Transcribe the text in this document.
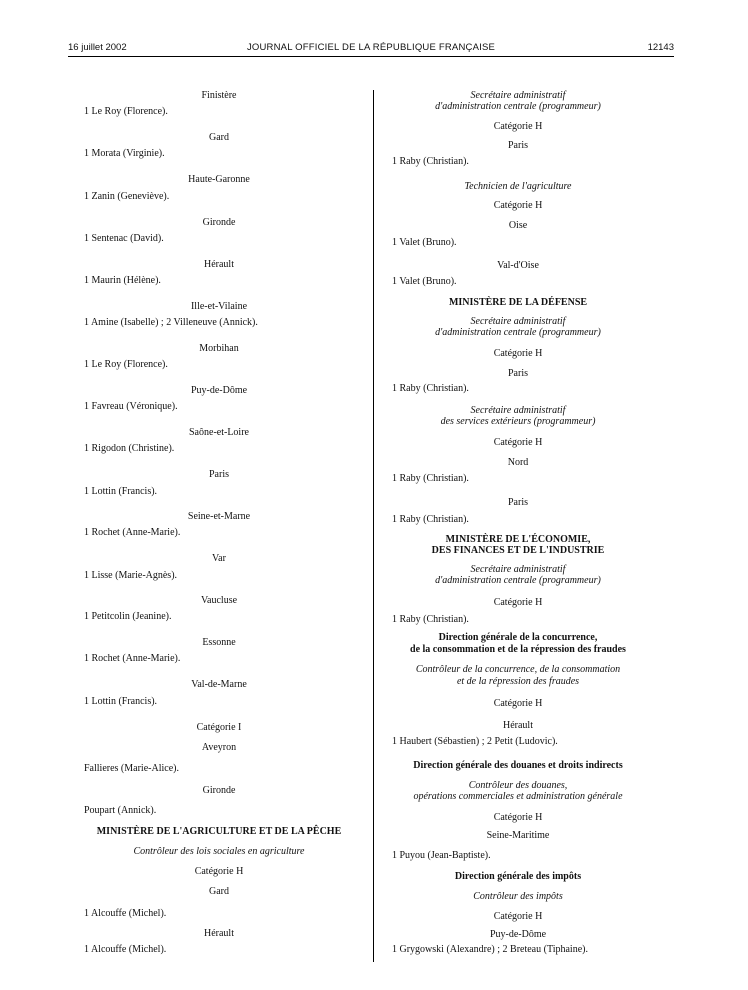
16 juillet 2002	JOURNAL OFFICIEL DE LA RÉPUBLIQUE FRANÇAISE	12143
Finistère
1 Le Roy (Florence).
Gard
1 Morata (Virginie).
Haute-Garonne
1 Zanin (Geneviève).
Gironde
1 Sentenac (David).
Hérault
1 Maurin (Hélène).
Ille-et-Vilaine
1 Amine (Isabelle) ; 2 Villeneuve (Annick).
Morbihan
1 Le Roy (Florence).
Puy-de-Dôme
1 Favreau (Véronique).
Saône-et-Loire
1 Rigodon (Christine).
Paris
1 Lottin (Francis).
Seine-et-Marne
1 Rochet (Anne-Marie).
Var
1 Lisse (Marie-Agnès).
Vaucluse
1 Petitcolin (Jeanine).
Essonne
1 Rochet (Anne-Marie).
Val-de-Marne
1 Lottin (Francis).
Catégorie I
Aveyron
Fallieres (Marie-Alice).
Gironde
Poupart (Annick).
MINISTÈRE DE L'AGRICULTURE ET DE LA PÊCHE
Contrôleur des lois sociales en agriculture
Catégorie H
Gard
1 Alcouffe (Michel).
Hérault
1 Alcouffe (Michel).
Secrétaire administratif
d'administration centrale (programmeur)
Catégorie H
Paris
1 Raby (Christian).
Technicien de l'agriculture
Catégorie H
Oise
1 Valet (Bruno).
Val-d'Oise
1 Valet (Bruno).
MINISTÈRE DE LA DÉFENSE
Secrétaire administratif
d'administration centrale (programmeur)
Catégorie H
Paris
1 Raby (Christian).
Secrétaire administratif
des services extérieurs (programmeur)
Catégorie H
Nord
1 Raby (Christian).
Paris
1 Raby (Christian).
MINISTÈRE DE L'ÉCONOMIE,
DES FINANCES ET DE L'INDUSTRIE
Secrétaire administratif
d'administration centrale (programmeur)
Catégorie H
1 Raby (Christian).
Direction générale de la concurrence,
de la consommation et de la répression des fraudes
Contrôleur de la concurrence, de la consommation
et de la répression des fraudes
Catégorie H
Hérault
1 Haubert (Sébastien) ; 2 Petit (Ludovic).
Direction générale des douanes et droits indirects
Contrôleur des douanes,
opérations commerciales et administration générale
Catégorie H
Seine-Maritime
1 Puyou (Jean-Baptiste).
Direction générale des impôts
Contrôleur des impôts
Catégorie H
Puy-de-Dôme
1 Grygowski (Alexandre) ; 2 Breteau (Tiphaine).
